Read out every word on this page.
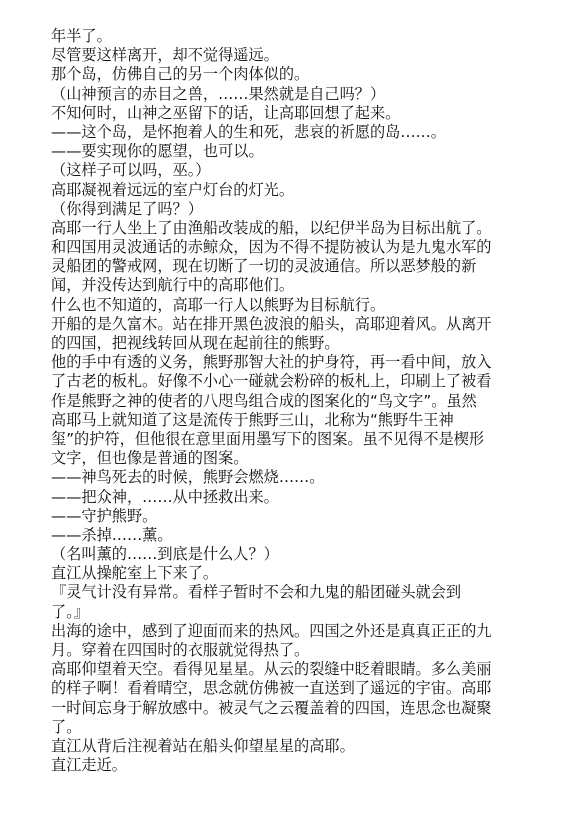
年半了。
尽管要这样离开，却不觉得遥远。
那个岛，仿佛自己的另一个肉体似的。
（山神预言的赤目之兽，……果然就是自己吗？）
不知何时，山神之巫留下的话，让高耶回想了起来。
——这个岛，是怀抱着人的生和死，悲哀的祈愿的岛……。
——要实现你的愿望，也可以。
（这样子可以吗，巫。）
高耶凝视着远远的室户灯台的灯光。
（你得到满足了吗？）
高耶一行人坐上了由渔船改装成的船，以纪伊半岛为目标出航了。
和四国用灵波通话的赤鲸众，因为不得不提防被认为是九鬼水军的
灵船团的警戒网，现在切断了一切的灵波通信。所以恶梦般的新
闻，并没传达到航行中的高耶他们。
什么也不知道的，高耶一行人以熊野为目标航行。
开船的是久富木。站在排开黑色波浪的船头，高耶迎着风。从离开
的四国，把视线转回从现在起前往的熊野。
他的手中有透的义务，熊野那智大社的护身符，再一看中间，放入
了古老的板札。好像不小心一碰就会粉碎的板札上，印刷上了被看
作是熊野之神的使者的八咫鸟组合成的图案化的“鸟文字”。虽然
高耶马上就知道了这是流传于熊野三山，北称为“熊野牛王神
玺”的护符，但他很在意里面用墨写下的图案。虽不见得不是楔形
文字，但也像是普通的图案。
——神鸟死去的时候，熊野会燃烧……。
——把众神，……从中拯救出来。
——守护熊野。
——杀掉……薰。
（名叫薰的……到底是什么人？）
直江从操舵室上下来了。
『灵气计没有异常。看样子暂时不会和九鬼的船团碰头就会到
了。』
出海的途中，感到了迎面而来的热风。四国之外还是真真正正的九
月。穿着在四国时的衣服就觉得热了。
高耶仰望着天空。看得见星星。从云的裂缝中眨着眼睛。多么美丽
的样子啊！看着晴空，思念就仿佛被一直送到了遥远的宇宙。高耶
一时间忘身于解放感中。被灵气之云覆盖着的四国，连思念也凝聚
了。
直江从背后注视着站在船头仰望星星的高耶。
直江走近。
